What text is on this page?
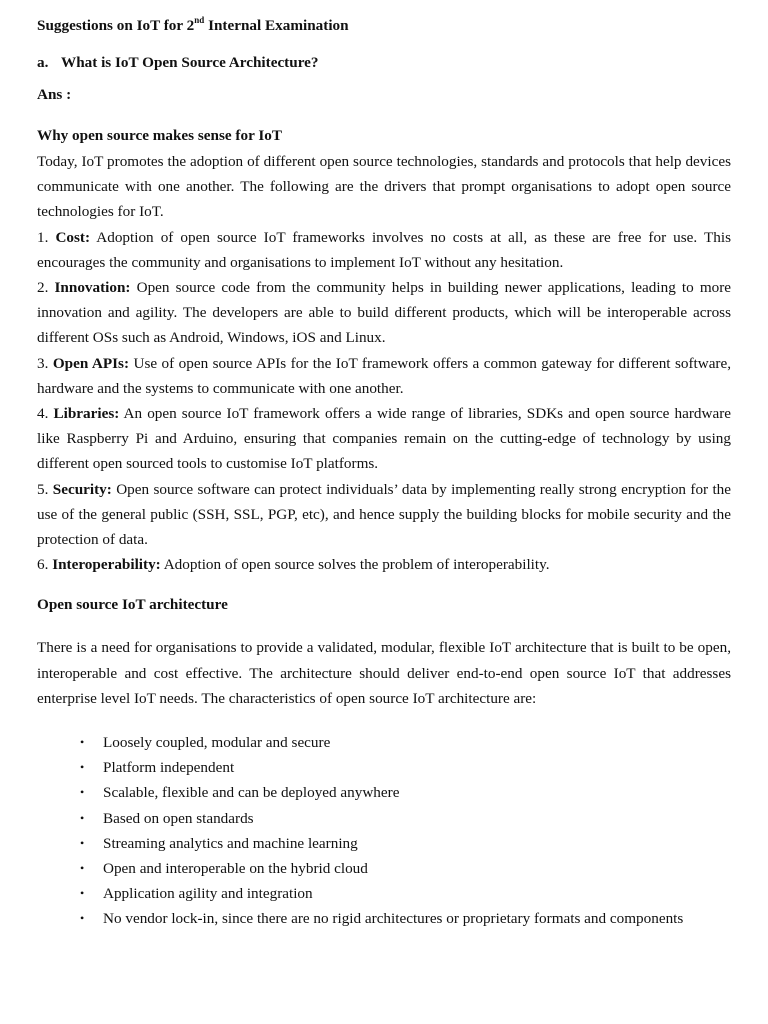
Suggestions on IoT for 2nd Internal Examination
a. What is IoT Open Source Architecture?
Ans :
Why open source makes sense for IoT

Today, IoT promotes the adoption of different open source technologies, standards and protocols that help devices communicate with one another. The following are the drivers that prompt organisations to adopt open source technologies for IoT.

1. Cost: Adoption of open source IoT frameworks involves no costs at all, as these are free for use. This encourages the community and organisations to implement IoT without any hesitation.

2. Innovation: Open source code from the community helps in building newer applications, leading to more innovation and agility. The developers are able to build different products, which will be interoperable across different OSs such as Android, Windows, iOS and Linux.

3. Open APIs: Use of open source APIs for the IoT framework offers a common gateway for different software, hardware and the systems to communicate with one another.

4. Libraries: An open source IoT framework offers a wide range of libraries, SDKs and open source hardware like Raspberry Pi and Arduino, ensuring that companies remain on the cutting-edge of technology by using different open sourced tools to customise IoT platforms.

5. Security: Open source software can protect individuals’ data by implementing really strong encryption for the use of the general public (SSH, SSL, PGP, etc), and hence supply the building blocks for mobile security and the protection of data.

6. Interoperability: Adoption of open source solves the problem of interoperability.

Open source IoT architecture

There is a need for organisations to provide a validated, modular, flexible IoT architecture that is built to be open, interoperable and cost effective. The architecture should deliver end-to-end open source IoT that addresses enterprise level IoT needs. The characteristics of open source IoT architecture are:

• Loosely coupled, modular and secure
• Platform independent
• Scalable, flexible and can be deployed anywhere
• Based on open standards
• Streaming analytics and machine learning
• Open and interoperable on the hybrid cloud
• Application agility and integration
• No vendor lock-in, since there are no rigid architectures or proprietary formats and components
